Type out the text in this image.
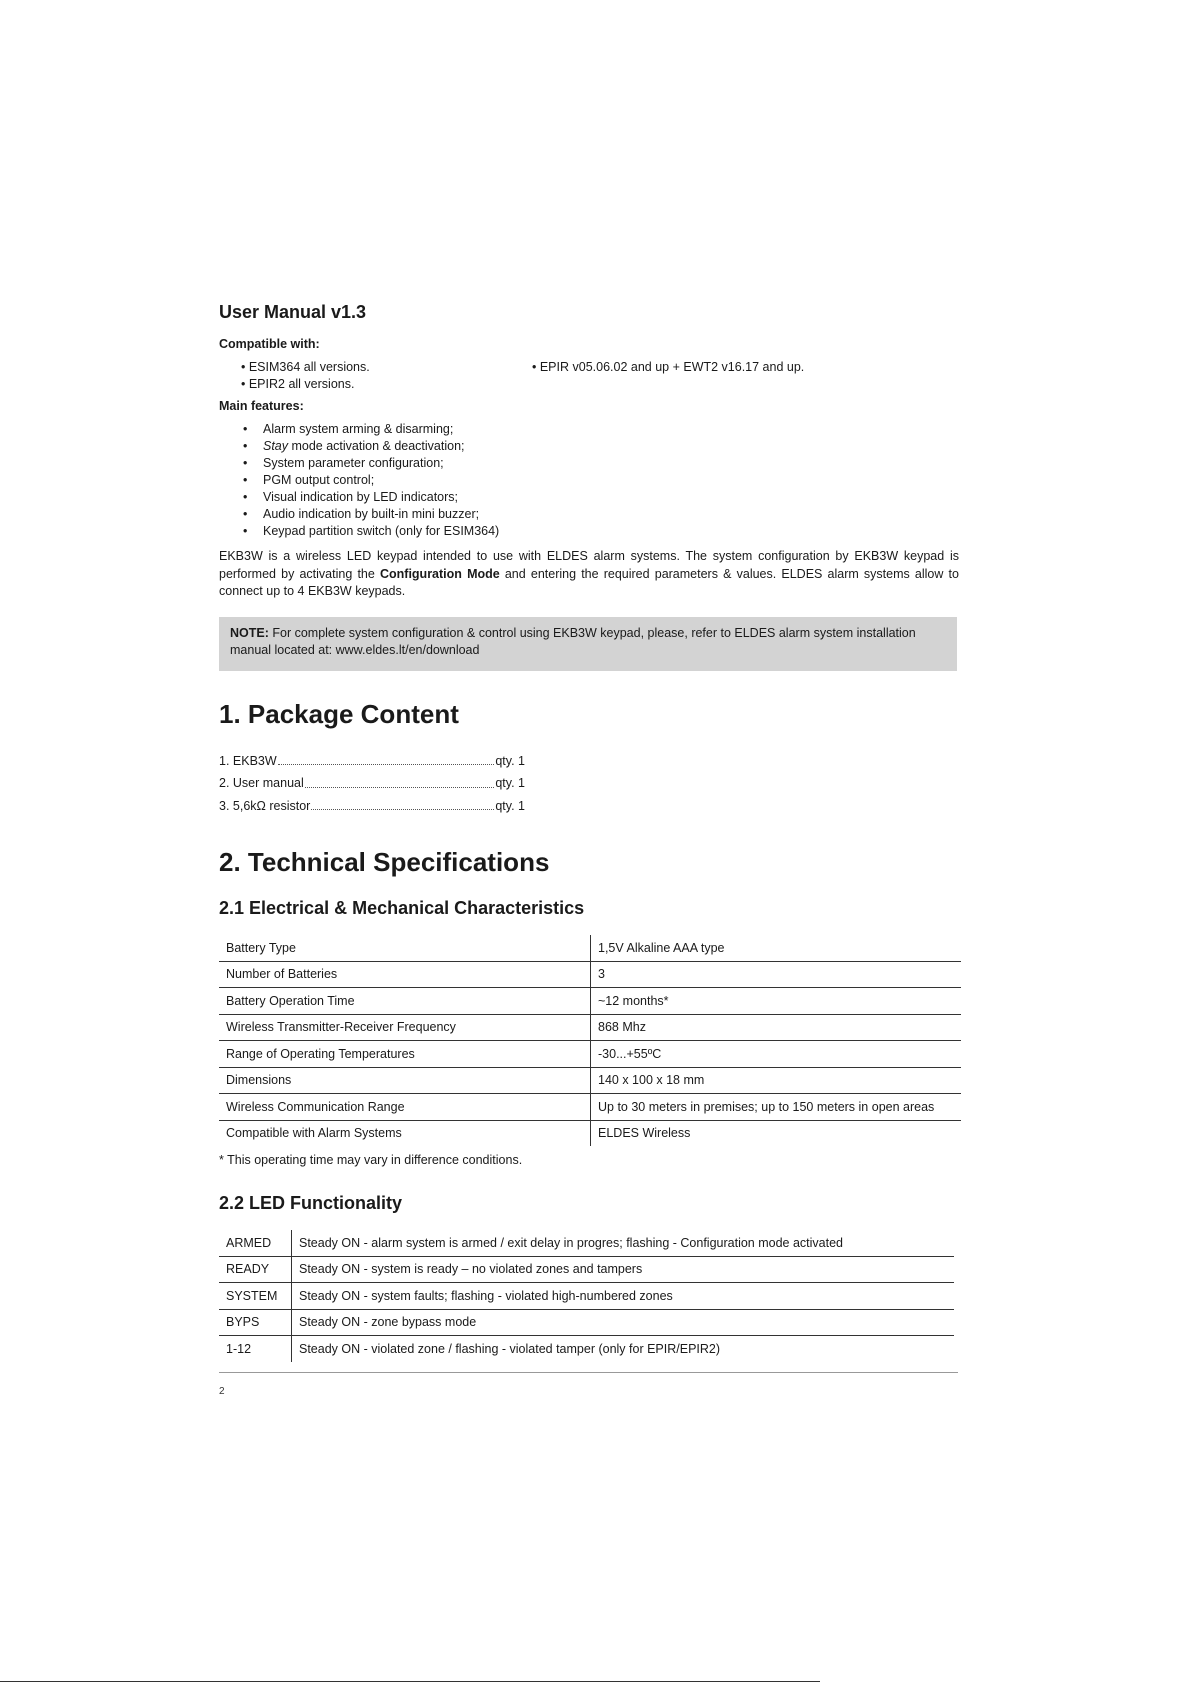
User Manual v1.3
Compatible with:
• ESIM364 all versions.
• EPIR2 all versions.
• EPIR v05.06.02 and up + EWT2 v16.17 and up.
Main features:
• Alarm system arming & disarming;
• Stay mode activation & deactivation;
• System parameter configuration;
• PGM output control;
• Visual indication by LED indicators;
• Audio indication by built-in mini buzzer;
• Keypad partition switch (only for ESIM364)

EKB3W is a wireless LED keypad intended to use with ELDES alarm systems. The system configuration by EKB3W keypad is performed by activating the Configuration Mode and entering the required parameters & values. ELDES alarm systems allow to connect up to 4 EKB3W keypads.

NOTE: For complete system configuration & control using EKB3W keypad, please, refer to ELDES alarm system installation manual located at: www.eldes.lt/en/download
1. Package Content
1. EKB3W	qty. 1
2. User manual	qty. 1
3. 5,6kΩ resistor	qty. 1
2. Technical Specifications
2.1 Electrical & Mechanical Characteristics
Battery Type	1,5V Alkaline AAA type
Number of Batteries	3
Battery Operation Time	~12 months*
Wireless Transmitter-Receiver Frequency	868 Mhz
Range of Operating Temperatures	-30...+55ºC
Dimensions	140 x 100 x 18 mm
Wireless Communication Range	Up to 30 meters in premises; up to 150 meters in open areas
Compatible with Alarm Systems	ELDES Wireless

* This operating time may vary in difference conditions.

2.2 LED Functionality
ARMED	Steady ON - alarm system is armed / exit delay in progres; flashing - Configuration mode activated
READY	Steady ON - system is ready – no violated zones and tampers
SYSTEM	Steady ON - system faults; flashing - violated high-numbered zones
BYPS	Steady ON - zone bypass mode
1-12	Steady ON - violated zone / flashing - violated tamper (only for EPIR/EPIR2)
2
